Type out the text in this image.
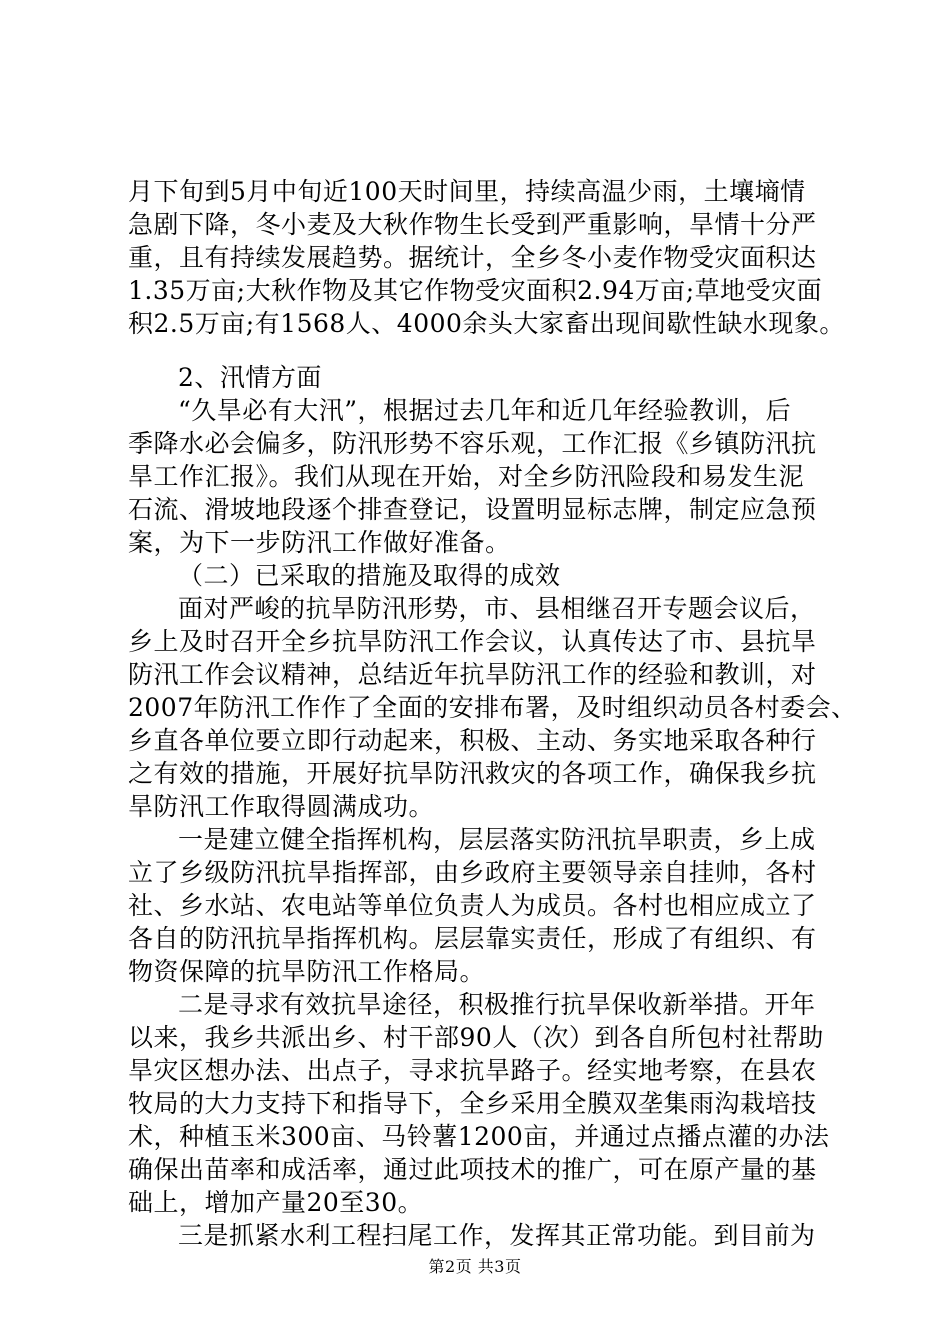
月下旬到5月中旬近100天时间里，持续高温少雨，土壤墒情
急剧下降，冬小麦及大秋作物生长受到严重影响，旱情十分严
重，且有持续发展趋势。据统计，全乡冬小麦作物受灾面积达
1.35万亩;大秋作物及其它作物受灾面积2.94万亩;草地受灾面
积2.5万亩;有1568人、4000余头大家畜出现间歇性缺水现象。
2、汛情方面
“久旱必有大汛”，根据过去几年和近几年经验教训，后
季降水必会偏多，防汛形势不容乐观，工作汇报《乡镇防汛抗
旱工作汇报》。我们从现在开始，对全乡防汛险段和易发生泥
石流、滑坡地段逐个排查登记，设置明显标志牌，制定应急预
案，为下一步防汛工作做好准备。
（二）已采取的措施及取得的成效
面对严峻的抗旱防汛形势，市、县相继召开专题会议后，
乡上及时召开全乡抗旱防汛工作会议，认真传达了市、县抗旱
防汛工作会议精神，总结近年抗旱防汛工作的经验和教训，对
2007年防汛工作作了全面的安排布署，及时组织动员各村委会、
乡直各单位要立即行动起来，积极、主动、务实地采取各种行
之有效的措施，开展好抗旱防汛救灾的各项工作，确保我乡抗
旱防汛工作取得圆满成功。
一是建立健全指挥机构，层层落实防汛抗旱职责，乡上成
立了乡级防汛抗旱指挥部，由乡政府主要领导亲自挂帅，各村
社、乡水站、农电站等单位负责人为成员。各村也相应成立了
各自的防汛抗旱指挥机构。层层靠实责任，形成了有组织、有
物资保障的抗旱防汛工作格局。
二是寻求有效抗旱途径，积极推行抗旱保收新举措。开年
以来，我乡共派出乡、村干部90人（次）到各自所包村社帮助
旱灾区想办法、出点子，寻求抗旱路子。经实地考察，在县农
牧局的大力支持下和指导下，全乡采用全膜双垄集雨沟栽培技
术，种植玉米300亩、马铃薯1200亩，并通过点播点灌的办法
确保出苗率和成活率，通过此项技术的推广，可在原产量的基
础上，增加产量20至30。
三是抓紧水利工程扫尾工作，发挥其正常功能。到目前为
第2页 共3页
